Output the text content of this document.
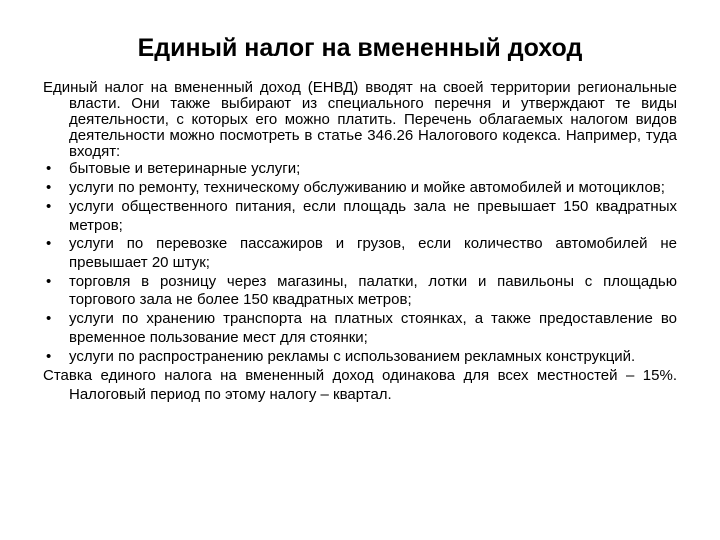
Единый налог на вмененный доход

Единый налог на вмененный доход (ЕНВД) вводят на своей территории региональные власти. Они также выбирают из специального перечня и утверждают те виды деятельности, с которых его можно платить. Перечень облагаемых налогом видов деятельности можно посмотреть в статье 346.26 Налогового кодекса. Например, туда входят:

• бытовые и ветеринарные услуги;
• услуги по ремонту, техническому обслуживанию и мойке автомобилей и мотоциклов;
• услуги общественного питания, если площадь зала не превышает 150 квадратных метров;
• услуги по перевозке пассажиров и грузов, если количество автомобилей не превышает 20 штук;
• торговля в розницу через магазины, палатки, лотки и павильоны с площадью торгового зала не более 150 квадратных метров;
• услуги по хранению транспорта на платных стоянках, а также предоставление во временное пользование мест для стоянки;
• услуги по распространению рекламы с использованием рекламных конструкций.

Ставка единого налога на вмененный доход одинакова для всех местностей – 15%. Налоговый период по этому налогу – квартал.
